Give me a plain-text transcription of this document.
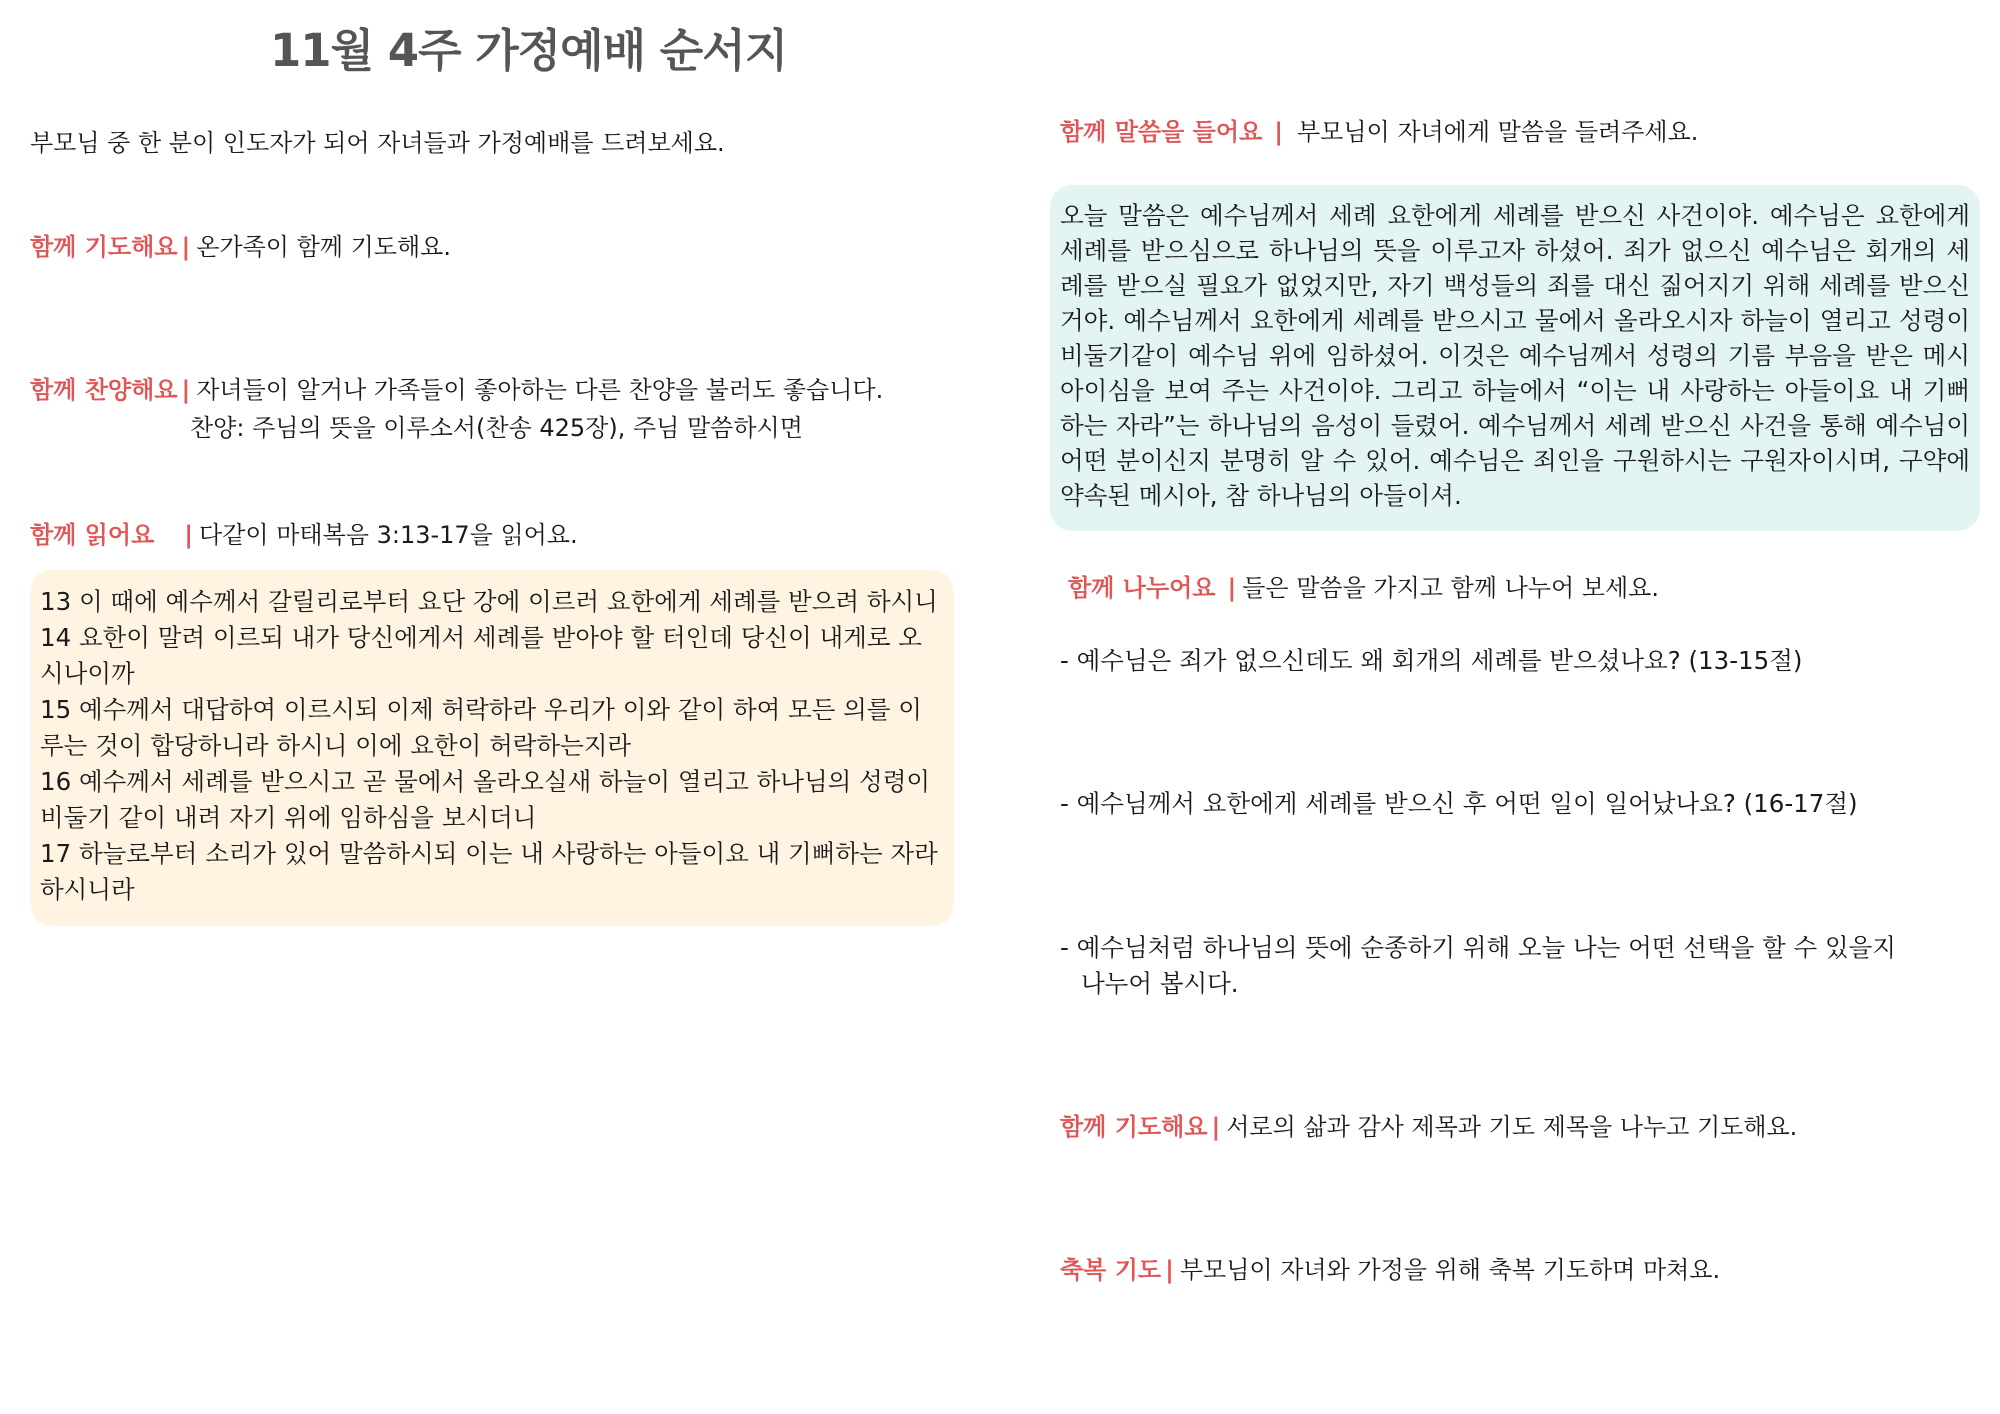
11월 4주 가정예배 순서지
부모님 중 한 분이 인도자가 되어 자녀들과 가정예배를 드려보세요.
함께 기도해요 | 온가족이 함께 기도해요.
함께 찬양해요 | 자녀들이 알거나 가족들이 좋아하는 다른 찬양을 불러도 좋습니다.
찬양: 주님의 뜻을 이루소서(찬송 425장), 주님 말씀하시면
함께 읽어요 | 다같이 마태복음 3:13-17을 읽어요.
13 이 때에 예수께서 갈릴리로부터 요단 강에 이르러 요한에게 세례를 받으려 하시니
14 요한이 말려 이르되 내가 당신에게서 세례를 받아야 할 터인데 당신이 내게로 오시나이까
15 예수께서 대답하여 이르시되 이제 허락하라 우리가 이와 같이 하여 모든 의를 이루는 것이 합당하니라 하시니 이에 요한이 허락하는지라
16 예수께서 세례를 받으시고 곧 물에서 올라오실새 하늘이 열리고 하나님의 성령이 비둘기 같이 내려 자기 위에 임하심을 보시더니
17 하늘로부터 소리가 있어 말씀하시되 이는 내 사랑하는 아들이요 내 기뻐하는 자라 하시니라
함께 말씀을 들어요 | 부모님이 자녀에게 말씀을 들려주세요.
오늘 말씀은 예수님께서 세례 요한에게 세례를 받으신 사건이야. 예수님은 요한에게 세례를 받으심으로 하나님의 뜻을 이루고자 하셨어. 죄가 없으신 예수님은 회개의 세례를 받으실 필요가 없었지만, 자기 백성들의 죄를 대신 짊어지기 위해 세례를 받으신 거야. 예수님께서 요한에게 세례를 받으시고 물에서 올라오시자 하늘이 열리고 성령이 비둘기같이 예수님 위에 임하셨어. 이것은 예수님께서 성령의 기름 부음을 받은 메시아이심을 보여 주는 사건이야. 그리고 하늘에서 “이는 내 사랑하는 아들이요 내 기뻐하는 자라”는 하나님의 음성이 들렸어. 예수님께서 세례 받으신 사건을 통해 예수님이 어떤 분이신지 분명히 알 수 있어. 예수님은 죄인을 구원하시는 구원자이시며, 구약에 약속된 메시아, 참 하나님의 아들이셔.
함께 나누어요 | 들은 말씀을 가지고 함께 나누어 보세요.
- 예수님은 죄가 없으신데도 왜 회개의 세례를 받으셨나요? (13-15절)
- 예수님께서 요한에게 세례를 받으신 후 어떤 일이 일어났나요? (16-17절)
- 예수님처럼 하나님의 뜻에 순종하기 위해 오늘 나는 어떤 선택을 할 수 있을지
나누어 봅시다.
함께 기도해요 | 서로의 삶과 감사 제목과 기도 제목을 나누고 기도해요.
축복 기도 | 부모님이 자녀와 가정을 위해 축복 기도하며 마쳐요.
